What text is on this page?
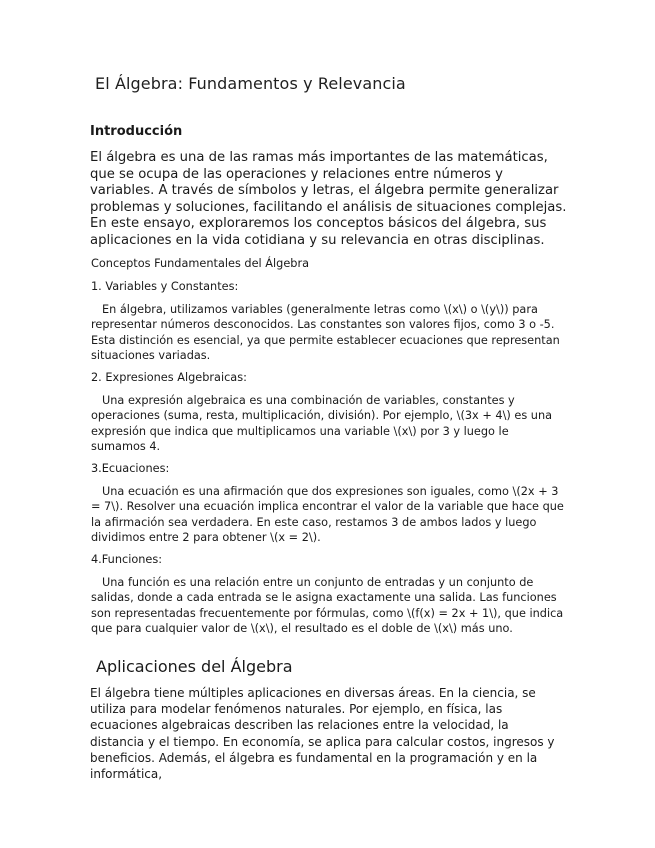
El Álgebra: Fundamentos y Relevancia
Introducción

El álgebra es una de las ramas más importantes de las matemáticas, que se ocupa de las operaciones y relaciones entre números y variables. A través de símbolos y letras, el álgebra permite generalizar problemas y soluciones, facilitando el análisis de situaciones complejas. En este ensayo, exploraremos los conceptos básicos del álgebra, sus aplicaciones en la vida cotidiana y su relevancia en otras disciplinas.

Conceptos Fundamentales del Álgebra
1. Variables y Constantes:

En álgebra, utilizamos variables (generalmente letras como \(x\) o \(y\)) para representar números desconocidos. Las constantes son valores fijos, como 3 o -5. Esta distinción es esencial, ya que permite establecer ecuaciones que representan situaciones variadas.

2. Expresiones Algebraicas:

Una expresión algebraica es una combinación de variables, constantes y operaciones (suma, resta, multiplicación, división). Por ejemplo, \(3x + 4\) es una expresión que indica que multiplicamos una variable \(x\) por 3 y luego le sumamos 4.

3.Ecuaciones:

Una ecuación es una afirmación que dos expresiones son iguales, como \(2x + 3 = 7\). Resolver una ecuación implica encontrar el valor de la variable que hace que la afirmación sea verdadera. En este caso, restamos 3 de ambos lados y luego dividimos entre 2 para obtener \(x = 2\).

4.Funciones:

Una función es una relación entre un conjunto de entradas y un conjunto de salidas, donde a cada entrada se le asigna exactamente una salida. Las funciones son representadas frecuentemente por fórmulas, como \(f(x) = 2x + 1\), que indica que para cualquier valor de \(x\), el resultado es el doble de \(x\) más uno.

Aplicaciones del Álgebra

El álgebra tiene múltiples aplicaciones en diversas áreas. En la ciencia, se utiliza para modelar fenómenos naturales. Por ejemplo, en física, las ecuaciones algebraicas describen las relaciones entre la velocidad, la distancia y el tiempo. En economía, se aplica para calcular costos, ingresos y beneficios. Además, el álgebra es fundamental en la programación y en la informática,
